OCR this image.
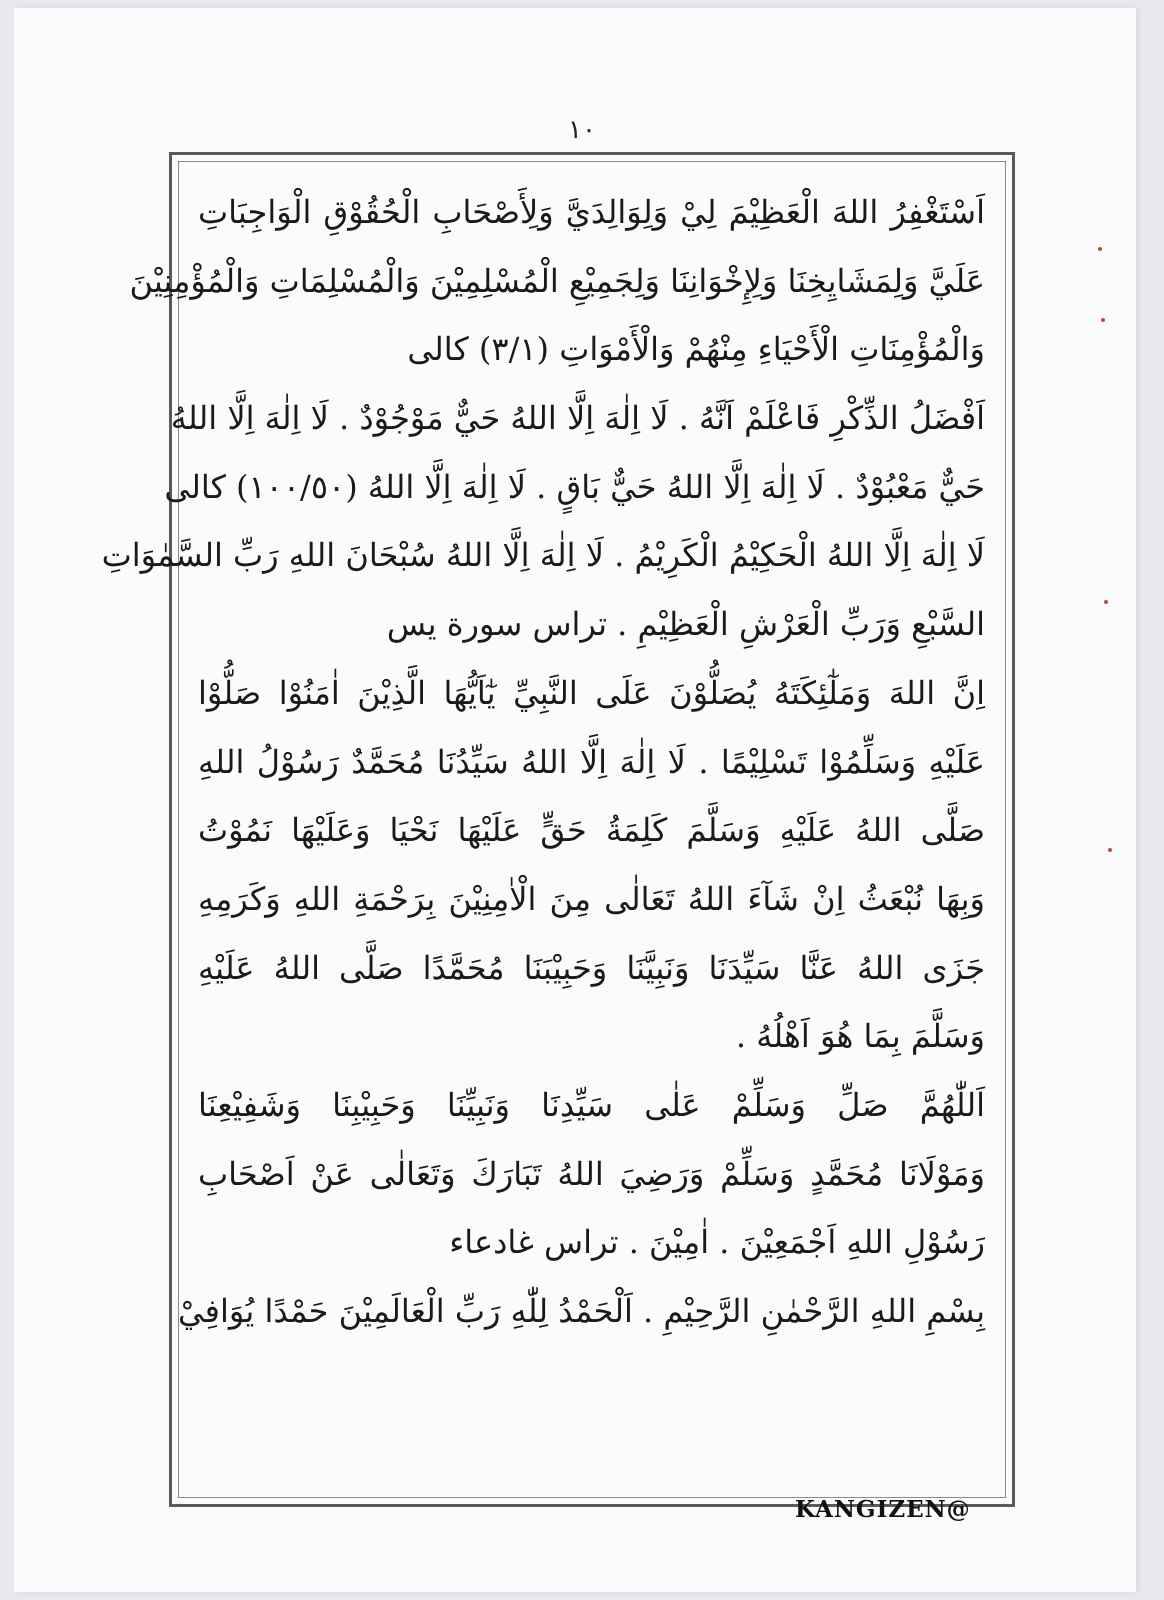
١٠
اَسْتَغْفِرُ اللهَ الْعَظِيْمَ لِيْ وَلِوَالِدَيَّ وَلِأَصْحَابِ الْحُقُوْقِ الْوَاجِبَاتِ
عَلَيَّ وَلِمَشَايِخِنَا وَلِإِخْوَانِنَا وَلِجَمِيْعِ الْمُسْلِمِيْنَ وَالْمُسْلِمَاتِ وَالْمُؤْمِنِيْنَ
وَالْمُؤْمِنَاتِ الْأَحْيَاءِ مِنْهُمْ وَالْأَمْوَاتِ (٣/١) كالى
اَفْضَلُ الذِّكْرِ فَاعْلَمْ اَنَّهُ . لَا اِلٰهَ اِلَّا اللهُ حَيٌّ مَوْجُوْدٌ . لَا اِلٰهَ اِلَّا اللهُ
حَيٌّ مَعْبُوْدٌ . لَا اِلٰهَ اِلَّا اللهُ حَيٌّ بَاقٍ . لَا اِلٰهَ اِلَّا اللهُ (١٠٠/٥٠) كالى
لَا اِلٰهَ اِلَّا اللهُ الْحَكِيْمُ الْكَرِيْمُ . لَا اِلٰهَ اِلَّا اللهُ سُبْحَانَ اللهِ رَبِّ السَّمٰوَاتِ
السَّبْعِ وَرَبِّ الْعَرْشِ الْعَظِيْمِ . تراس سورة يس
اِنَّ اللهَ وَمَلٰٓئِكَتَهُ يُصَلُّوْنَ عَلَى النَّبِيِّ يٰٓاَيُّهَا الَّذِيْنَ اٰمَنُوْا صَلُّوْا
عَلَيْهِ وَسَلِّمُوْا تَسْلِيْمًا . لَا اِلٰهَ اِلَّا اللهُ سَيِّدُنَا مُحَمَّدٌ رَسُوْلُ اللهِ
صَلَّى اللهُ عَلَيْهِ وَسَلَّمَ كَلِمَةُ حَقٍّ عَلَيْهَا نَحْيَا وَعَلَيْهَا نَمُوْتُ
وَبِهَا نُبْعَثُ اِنْ شَآءَ اللهُ تَعَالٰى مِنَ الْاٰمِنِيْنَ بِرَحْمَةِ اللهِ وَكَرَمِهِ
جَزَى اللهُ عَنَّا سَيِّدَنَا وَنَبِيَّنَا وَحَبِيْبَنَا مُحَمَّدًا صَلَّى اللهُ عَلَيْهِ
وَسَلَّمَ بِمَا هُوَ اَهْلُهُ .
اَللّٰهُمَّ صَلِّ وَسَلِّمْ عَلٰى سَيِّدِنَا وَنَبِيِّنَا وَحَبِيْبِنَا وَشَفِيْعِنَا
وَمَوْلَانَا مُحَمَّدٍ وَسَلِّمْ وَرَضِيَ اللهُ تَبَارَكَ وَتَعَالٰى عَنْ اَصْحَابِ
رَسُوْلِ اللهِ اَجْمَعِيْنَ . اٰمِيْنَ . تراس غادعاء
بِسْمِ اللهِ الرَّحْمٰنِ الرَّحِيْمِ . اَلْحَمْدُ لِلّٰهِ رَبِّ الْعَالَمِيْنَ حَمْدًا يُوَافِيْ
KANGIZEN@
